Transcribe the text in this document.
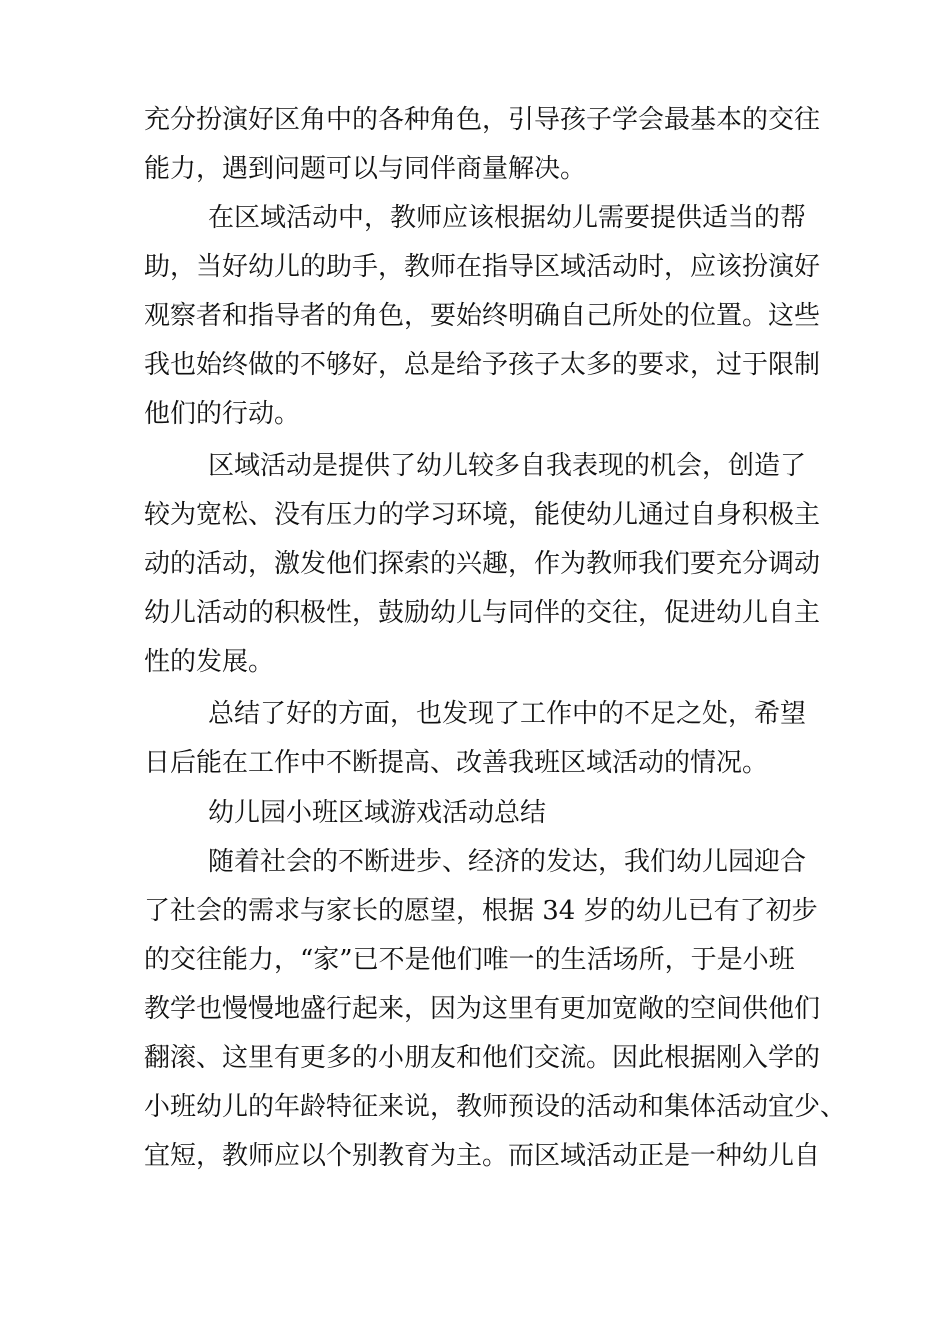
充分扮演好区角中的各种角色，引导孩子学会最基本的交往
能力，遇到问题可以与同伴商量解决。
在区域活动中，教师应该根据幼儿需要提供适当的帮
助，当好幼儿的助手，教师在指导区域活动时，应该扮演好
观察者和指导者的角色，要始终明确自己所处的位置。这些
我也始终做的不够好，总是给予孩子太多的要求，过于限制
他们的行动。
区域活动是提供了幼儿较多自我表现的机会，创造了
较为宽松、没有压力的学习环境，能使幼儿通过自身积极主
动的活动，激发他们探索的兴趣，作为教师我们要充分调动
幼儿活动的积极性，鼓励幼儿与同伴的交往，促进幼儿自主
性的发展。
总结了好的方面，也发现了工作中的不足之处，希望
日后能在工作中不断提高、改善我班区域活动的情况。
幼儿园小班区域游戏活动总结
随着社会的不断进步、经济的发达，我们幼儿园迎合
了社会的需求与家长的愿望，根据 34 岁的幼儿已有了初步
的交往能力，“家”已不是他们唯一的生活场所，于是小班
教学也慢慢地盛行起来，因为这里有更加宽敞的空间供他们
翻滚、这里有更多的小朋友和他们交流。因此根据刚入学的
小班幼儿的年龄特征来说，教师预设的活动和集体活动宜少、
宜短，教师应以个别教育为主。而区域活动正是一种幼儿自
